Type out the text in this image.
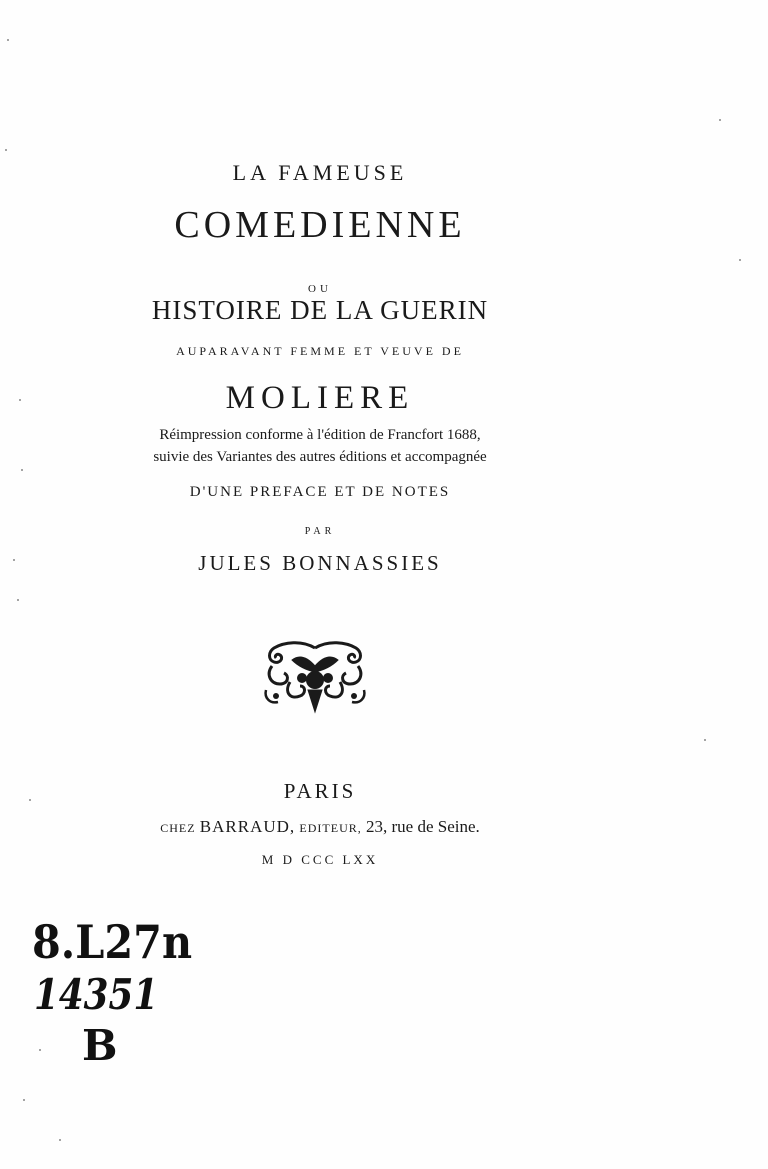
LA FAMEUSE
COMEDIENNE
OU
HISTOIRE DE LA GUERIN
AUPARAVANT FEMME ET VEUVE DE
MOLIERE
Réimpression conforme à l'édition de Francfort 1688,
suivie des Variantes des autres éditions et accompagnée
D'UNE PREFACE ET DE NOTES
PAR
JULES BONNASSIES
PARIS
CHEZ BARRAUD, EDITEUR, 23, rue de Seine.
M D CCC LXX
8.L27n
14351
B
